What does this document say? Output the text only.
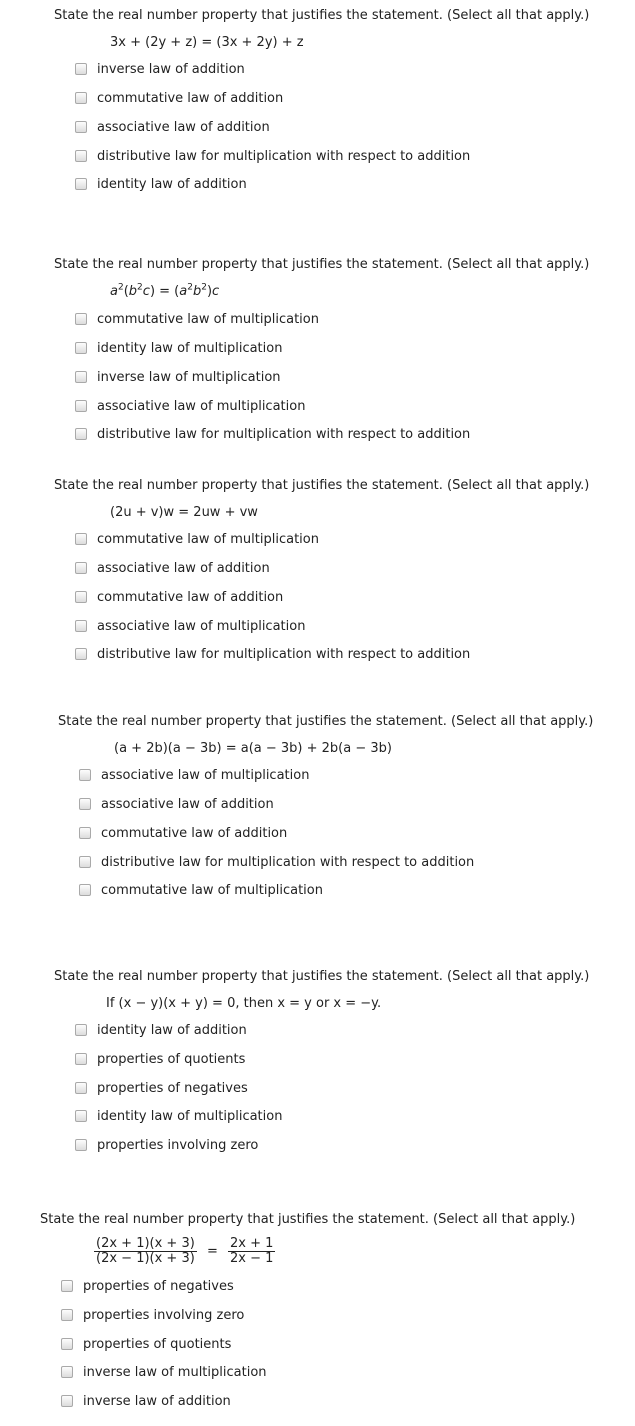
State the real number property that justifies the statement. (Select all that apply.)
3x + (2y + z) = (3x + 2y) + z
inverse law of addition
commutative law of addition
associative law of addition
distributive law for multiplication with respect to addition
identity law of addition
State the real number property that justifies the statement. (Select all that apply.)
$a^2(b^2c) = (a^2b^2)c$
commutative law of multiplication
identity law of multiplication
inverse law of multiplication
associative law of multiplication
distributive law for multiplication with respect to addition
State the real number property that justifies the statement. (Select all that apply.)
(2u + v)w = 2uw + vw
commutative law of multiplication
associative law of addition
commutative law of addition
associative law of multiplication
distributive law for multiplication with respect to addition
State the real number property that justifies the statement. (Select all that apply.)
(a + 2b)(a − 3b) = a(a − 3b) + 2b(a − 3b)
associative law of multiplication
associative law of addition
commutative law of addition
distributive law for multiplication with respect to addition
commutative law of multiplication
State the real number property that justifies the statement. (Select all that apply.)
If (x − y)(x + y) = 0, then x = y or x = −y.
identity law of addition
properties of quotients
properties of negatives
identity law of multiplication
properties involving zero
State the real number property that justifies the statement. (Select all that apply.)
$\frac{(2x + 1)(x + 3)}{(2x - 1)(x + 3)} = \frac{2x + 1}{2x - 1}$
properties of negatives
properties involving zero
properties of quotients
inverse law of multiplication
inverse law of addition
